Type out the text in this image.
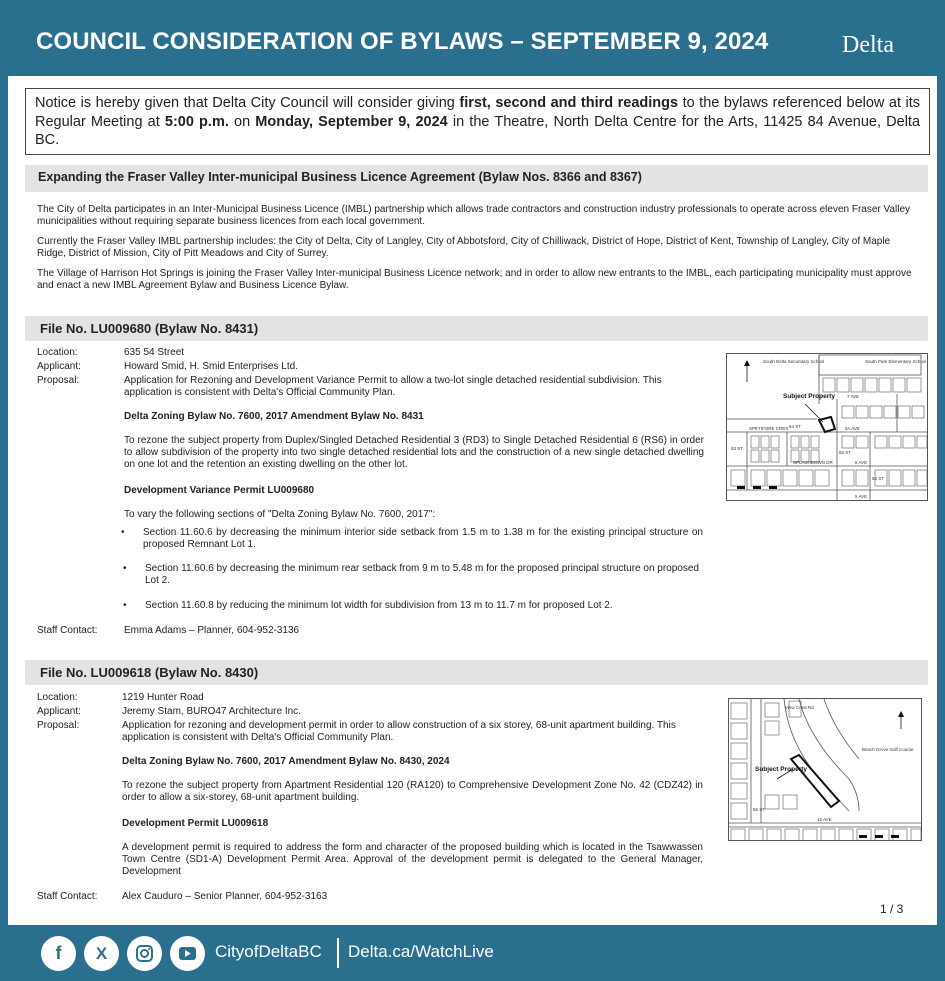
COUNCIL CONSIDERATION OF BYLAWS – SEPTEMBER 9, 2024	Delta
Notice is hereby given that Delta City Council will consider giving first, second and third readings to the bylaws referenced below at its Regular Meeting at 5:00 p.m. on Monday, September 9, 2024 in the Theatre, North Delta Centre for the Arts, 11425 84 Avenue, Delta BC.
Expanding the Fraser Valley Inter-municipal Business Licence Agreement (Bylaw Nos. 8366 and 8367)
The City of Delta participates in an Inter-Municipal Business Licence (IMBL) partnership which allows trade contractors and construction industry professionals to operate across eleven Fraser Valley municipalities without requiring separate business licences from each local government.
Currently the Fraser Valley IMBL partnership includes: the City of Delta, City of Langley, City of Abbotsford, City of Chilliwack, District of Hope, District of Kent, Township of Langley, City of Maple Ridge, District of Mission, City of Pitt Meadows and City of Surrey.
The Village of Harrison Hot Springs is joining the Fraser Valley Inter-municipal Business Licence network; and in order to allow new entrants to the IMBL, each participating municipality must approve and enact a new IMBL Agreement Bylaw and Business Licence Bylaw.
File No. LU009680 (Bylaw No. 8431)
Location:	635 54 Street
Applicant:	Howard Smid, H. Smid Enterprises Ltd.
Proposal:	Application for Rezoning and Development Variance Permit to allow a two-lot single detached residential subdivision. This application is consistent with Delta's Official Community Plan.
Delta Zoning Bylaw No. 7600, 2017 Amendment Bylaw No. 8431
To rezone the subject property from Duplex/Singled Detached Residential 3 (RD3) to Single Detached Residential 6 (RS6) in order to allow subdivision of the property into two single detached residential lots and the construction of a new single detached dwelling on one lot and the retention an existing dwelling on the other lot.
Development Variance Permit LU009680
To vary the following sections of "Delta Zoning Bylaw No. 7600, 2017":
• Section 11.60.6 by decreasing the minimum interior side setback from 1.5 m to 1.38 m for the existing principal structure on proposed Remnant Lot 1.
• Section 11.60.6 by decreasing the minimum rear setback from 9 m to 5.48 m for the proposed principal structure on proposed Lot 2.
• Section 11.60.8 by reducing the minimum lot width for subdivision from 13 m to 11.7 m for proposed Lot 2.
Staff Contact:	Emma Adams – Planner, 604-952-3136
South Delta Secondary School	South Park Elementary School
7 AVE
SPETIFORE CRES	5A AVE
6 AVE
5 AVE
53 ST
54 ST
55 ST
56 ST
SPLASHDOWN DR
Subject Property
File No. LU009618 (Bylaw No. 8430)
Location:	1219 Hunter Road
Applicant:	Jeremy Stam, BURO47 Architecture Inc.
Proposal:	Application for rezoning and development permit in order to allow construction of a six storey, 68-unit apartment building. This application is consistent with Delta's Official Community Plan.
Delta Zoning Bylaw No. 7600, 2017 Amendment Bylaw No. 8430, 2024
To rezone the subject property from Apartment Residential 120 (RA120) to Comprehensive Development Zone No. 42 (CDZ42) in order to allow a six-storey, 68-unit apartment building.
Development Permit LU009618
A development permit is required to address the form and character of the proposed building which is located in the Tsawwassen Town Centre (SD1-A) Development Permit Area. Approval of the development permit is delegated to the General Manager, Development
Staff Contact: Alex Cauduro – Senior Planner, 604-952-3163
Beach Grove Golf Course
56 ST
12 AVE
View Crest Rd
Subject Property
1 / 3
f	X	CityofDeltaBC Delta.ca/WatchLive
